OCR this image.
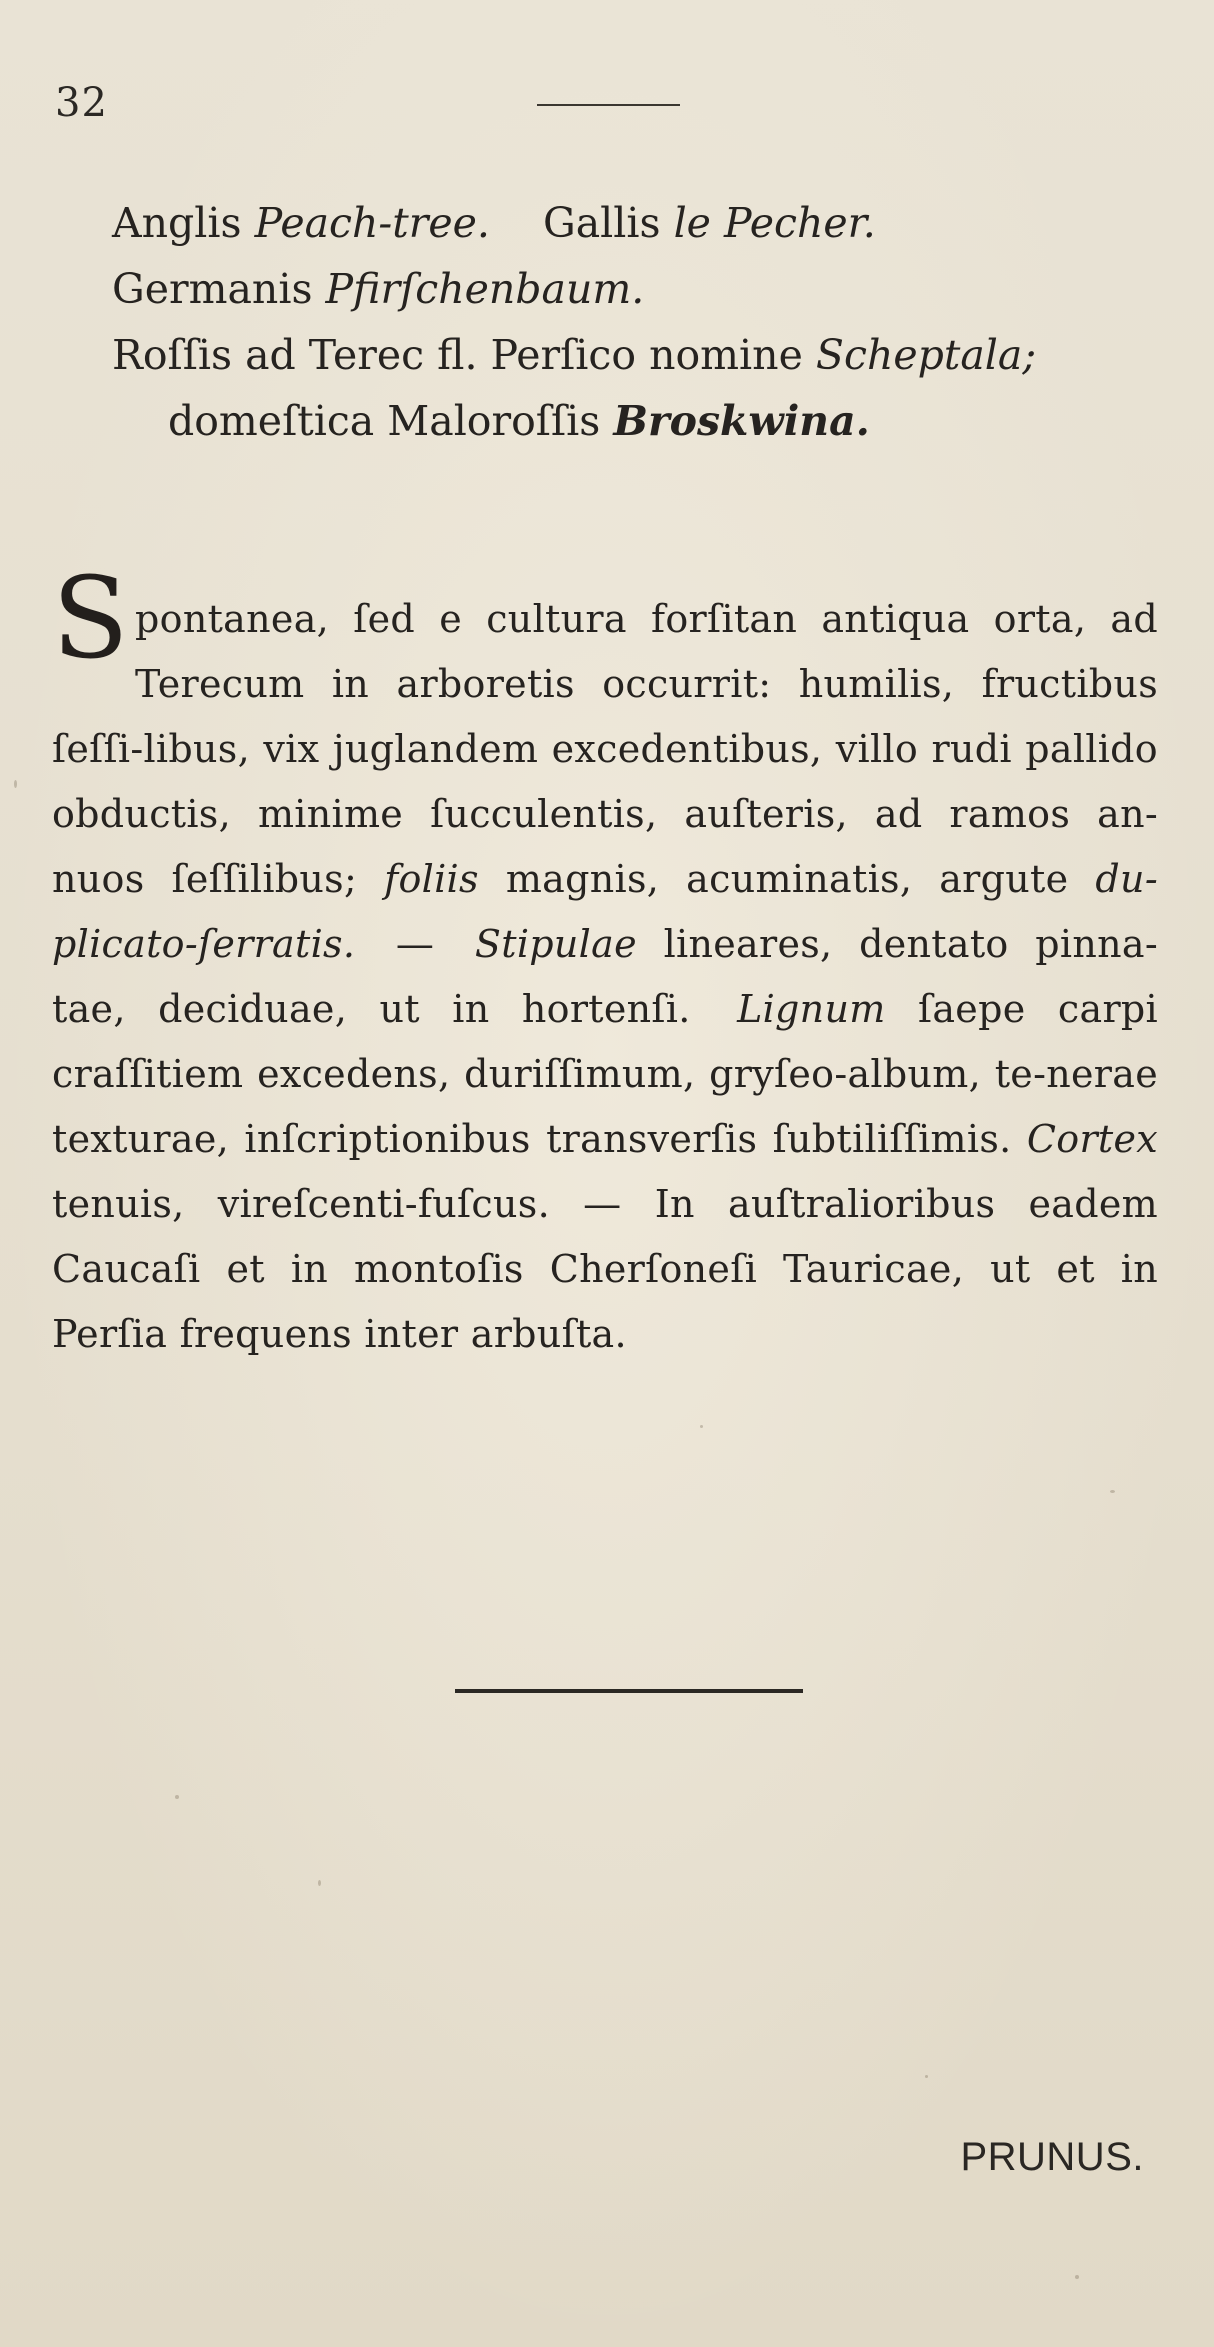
32
Anglis Peach-tree. Gallis le Pecher.
Germanis Pfirſchenbaum.
Roſſis ad Terec fl. Perſico nomine Scheptala;
domeſtica Maloroſſis Broskwina.
Spontanea, ſed e cultura forſitan antiqua orta, ad Terecum in arboretis occurrit: humilis, fructibus ſeſſi-libus, vix juglandem excedentibus, villo rudi pallido obductis, minime ſucculentis, auſteris, ad ramos an-nuos ſeſſilibus; foliis magnis, acuminatis, argute du-plicato-ſerratis. — Stipulae lineares, dentato pinna-tae, deciduae, ut in hortenſi. Lignum ſaepe carpi craſſitiem excedens, duriſſimum, gryſeo-album, te-nerae texturae, inſcriptionibus transverſis ſubtiliſſimis. Cortex tenuis, vireſcenti-fuſcus. — In auſtralioribus eadem Caucaſi et in montoſis Cherſoneſi Tauricae, ut et in Perſia frequens inter arbuſta.
PRUNUS.
